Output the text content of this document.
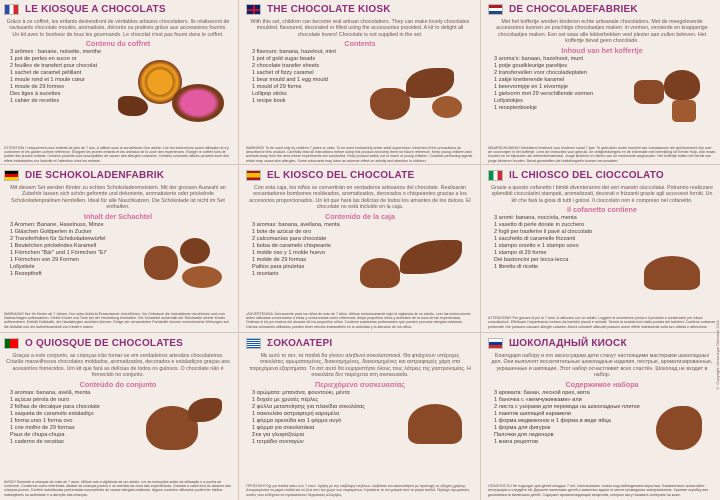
LE KIOSQUE A CHOCOLATS
Grâce à ce coffret, les enfants deviendront de véritables artisans chocolatiers. Ils réaliseront de ravissants chocolats moulés, aromatisés, décorés ou pralinés grâce aux accessoires fournis. Un kit avec le bonheur de tous les gourmands. Le chocolat n'est pas fourni dans le coffret.
Contenu du coffret
3 arômes : banane, noisette, menthe
1 pot de perles en sucre or
2 feuilles de transfert pour chocolat
1 sachet de caramel pétillant
1 moule rond et 1 moule cœur
1 moule de 29 formes
Des tiges à sucettes
1 cahier de recettes
ATTENTION ! Uniquement pour enfants de plus de 7 ans. A utiliser sous la surveillance d'un adulte. Lire les instructions avant utilisation et s'y conformer et les garder comme référence. Éloigner les jeunes enfants et les animaux de la zone des expériences. Ranger le coffret hors de portée des jeunes enfants. Certains produits sont susceptibles de causer des allergies cutanées. Certains colorants utilisés peuvent avoir des effets indésirables sur l'activité et l'attention chez les enfants.
THE CHOCOLATE KIOSK
With this set, children can become real artisan chocolatiers. They can make lovely chocolates moulded, flavoured, decorated or filled using the accessories provided. A kit to delight all chocolate lovers! Chocolate is not supplied in the set.
Contents
3 flavours: banana, hazelnut, mint
1 pot of gold sugar beads
2 chocolate transfer sheets
1 sachet of fizzy caramel
1 bear mould and 1 egg mould
1 mould of 29 forms
Lollipop sticks
1 recipe book
WARNING! To be used only by children 7 years or older. To be used exclusively under adult supervision, informed of the precautions as described in this product. Carefully read all instructions before using this product and keep them for future reference. Keep young children and animals away from the area where experiments are conducted. Keep product safely out of reach of young children. Contains perfuming agents which may cause skin allergies. Some colourants may have an adverse effect on activity and attention in children.
DE CHOCOLADEFABRIEK
Met het koffertje worden kinderen echte artisanale chocolatiers. Met de meegeleverde accessoires kunnen ze prachtige chocolaatjes maken: in vormen, versierde en knapperige chocolaatjes maken. Een set waar alle lekkerbekken veel plezier aan zullen beleven. Het koffertje bevat geen chocolade.
Inhoud van het koffertje
3 aroma's: banaan, hazelnoot, munt
1 potje goudkleurige pareltjes
2 transfervellen voor chocoladeplaten
1 zakje knetterende karamel
1 beervormpje en 1 eivormpje
1 gietvorm met 29 verschillende vormen
Lollystokjes
1 receptenboekje
WAARSCHUWING! Uitsluitend bestemd voor kinderen vanaf 7 jaar. Te gebruiken onder toezicht van volwassenen die geïnformeerd zijn over de voorzorgen in het koffertje. Lees de instructies voor gebruik, de veiligheidsregels en de informatie met betrekking tot Eerste Hulp, zich eraan houden en ze bijhouden als referentiemateriaal. Jonge kinderen en dieren van de werkruimte weghouden. Het koffertje buiten het bereik van jonge kinderen houden. Bevat geurstoffen die huidallergieën kunnen veroorzaken.
DIE SCHOKOLADENFABRIK
Mit diesem Set werden Kinder zu echten Schokoladenmeistern. Mit der grossen Auswahl an Zubehör lassen sich schön geformte und dekorierte, aromatisierte oder prickelnde Schokoladenpralinen herstellen. Ideal für alle Naschkatzen. Die Schokolade ist nicht im Set enthalten.
Inhalt der Schachtel
3 Aromen: Banane, Haselnuss, Minze
1 Gläschen Goldperlen in Zucker
2 Transferfolien für Schokoladenwürfel
1 Beutelchen prickelndes Karamell
1 Förmchen "Bär" und 1 Förmchen "Ei"
1 Förmchen von 29 Formen
Lollystiele
1 Rezeptheft
WARNUNG! Nur für Kinder ab 7 Jahren. Nur unter Aufsicht Erwachsener durchführen. Vor Gebrauch die Instruktionen durchlesen und zum Nachschlagen aufbewahren. Kleine Kinder und Tiere bei der Herstellung fernhalten. Die Schachtel außerhalb der Reichweite kleiner Kinder aufbewahren. Enthält Duftstoffe, die Hautallergien auslösen können. Einige der verwendeten Farbstoffe können unerwünschte Wirkungen auf die Aktivität und die Aufmerksamkeit von Kindern haben.
EL KIOSCO DEL CHOCOLATE
Con esta caja, los niños se convertirán en verdaderos artesanos del chocolate. Realizarán encantadores bombones moldeados, aromatizados, decorados o chispeantes gracias a los accesorios proporcionados. Un kit que hará las delicias de todos los amantes de los dulces. El chocolate no está incluido en la caja.
Contenido de la caja
3 aromas: banana, avellana, menta
1 bote de azúcar de oro
2 calcomanías para chocolate
1 bolsa de caramelo chispeante
1 molde oso y 1 molde huevo
1 molde de 29 formas
Palitos para piruletas
1 recetario
¡ADVERTENCIA! Únicamente para los niños de más de 7 años. Utilizar exclusivamente bajo la vigilancia de un adulto. Leer las instrucciones antes utilizadas conformarse a éstas y conservarlas como referencia. Alejar pequeños niños y animales de la zona de las experiencias. Ordenar el kit por encima del alcance de los pequeños niños. Contiene sustancias perfumantes que pueden provocar alergias cutáneas. Ciertos colorantes utilizados pueden tener efectos indeseables en la actividad y la atención de los niños.
IL CHIOSCO DEL CIOCCOLATO
Grazie a questo cofanetto i bimbi diventeranno dei veri maestri cioccolatai. Potranno realizzare splendidi cioccolatini stampati, aromatizzati, decorati o frizzanti grazie agli accessori forniti. Un kit che farà la gioia di tutti i golosi. Il cioccolato non è compreso nel cofanetto.
Il cofanetto contiene
3 aromi: banana, nocciola, menta
1 vasetto di perle dorate in zucchero
2 fogli per trasferire il pavé al cioccolato
1 sacchetto di caramelle frizzanti
1 stampo orsetto e 1 stampo uovo
1 stampo di 29 forme
Dei bastoncini per lecca-lecca
1 libretto di ricette
ATTENZIONE! Per giovani di più di 7 anni. A utilizzare con un adulto. Leggere le avvertenze prima e il prodotto e conservarle per future consultazioni. Effettuare l'esperimento lontano da bambini piccoli e animali. Tenere la scatola fuori dalla portata dei bambini. Contiene sostanze profumate che possono causare allergie cutanee. Alcuni coloranti utilizzati possono avere effetti indesiderati sulla loro attività e attenzione.
O QUIOSQUE DE CHOCOLATES
Graças a este conjunto, as crianças irão tornar-se em verdadeiros artesãos chocolateiros. Criarão maravilhosos chocolates moldados, aromatizados, decorados e estaladiços graças aos acessórios fornecidos. Um kit que fará as delícias de todos os gulosos. O chocolate não é fornecido no conjunto.
Conteúdo do conjunto
3 aromas: banana, avelã, menta
1 açúcar pérola de ouro
2 folhas de decalque para chocolate
1 saqueta de caramelo estaladiço
1 forma urso 1 forma ovo
1 crie molho de 29 formas
Paus de chupa-chupa
1 caderno de receitas
AVISO! Somente a crianças de mais de 7 anos. Utilizar sob a vigilância de um adulto. Ler as instruções antes da utilização e a ponha-se conforme. Conservar como referência. Afastar as crianças jovens e os animais da zona das experiências. Guardar a caixa fora do alcance das crianças jovens. Contém substâncias perfumadas susceptíveis de causar alergias cutâneas. Alguns corantes utilizados podem ter efeitos indesejáveis na actividade e a atenção das crianças.
ΣΟΚΟΛΑΤΕΡΙ
Με αυτό το σετ, τα παιδιά θα γίνουν αληθινοί σοκολατοποιοί. Θα φτιάχνουν υπέροχες σοκολάτες αρωματισμένες, διακοσμημένες, διακοσμημένες και αστραφτερές χάρη στα παρεχόμενα εξαρτήματα. Το σετ αυτό θα ευχαριστήσει όλους τους λάτρεις της γαστρονομίας. Η σοκολάτα δεν παρέχεται στη συσκευασία.
Περιεχόμενο συσκευασίας
3 αρώματα: μπανάνα, φουντούκι, μέντα
1 δοχείο με χρυσές πέρλες
2 φύλλα μεταποίησης για πλακίδια σοκολάτας
1 σακουλάκι αστραφτερή καραμέλα
1 φόρμα αρκούδα και 1 φόρμα αυγό
1 φόρμα για σοκολατάκια
Στικ για γλειφιτζούρια
1 τετράδιο συνταγών
ΠΡΟΣΟΧΗ! Όχι για παιδιά κάτω των 7 ετών. Χρήση με την επίβλεψη ενηλίκων. Διαβάστε και ακολουθήστε με προσοχή τις οδηγίες χρήσης. Απομακρύνετε τα μικρά παιδιά και τα ζώα από τον χώρο των πειραμάτων. Κρατήστε το σετ μακριά από τα μικρά παιδιά. Περιέχει αρωματικές ουσίες που ενδέχεται να προκαλέσουν δερματικές αλλεργίες.
ШОКОЛАДНЫЙ КИОСК
Благодаря набору и его аксессуарам дети станут настоящими мастерами шоколадных дел. Они выполнят восхитительные шоколадные изделия, пестрые, ароматизированные, украшенные и шипящие. Этот набор осчастливит всех сластён. Шоколад не входит в набор.
Содержимое набора
3 аромата: банан, лесной орех, мята
1 баночка с «жемчужинками» или
2 листа с узорами для перевода на шоколадные плитки
1 пакетик шипящей карамели
1 форма медвежонок и 1 форма в виде яйца
1 форма для фигурок
Палочки для леденцов
1 книга рецептов
ОПАСНОСТЬ! Не подходит для детей младше 7 лет. Использовать только под наблюдением взрослых. Внимательно прочитайте инструкцию и следуйте ей. Держите маленьких детей и животных вдали от места проведения экспериментов. Храните коробку вне досягаемости маленьких детей. Содержит ароматизирующие вещества, которые могут вызвать аллергию на коже.
© Copyright Vérronique Debroise 2011
